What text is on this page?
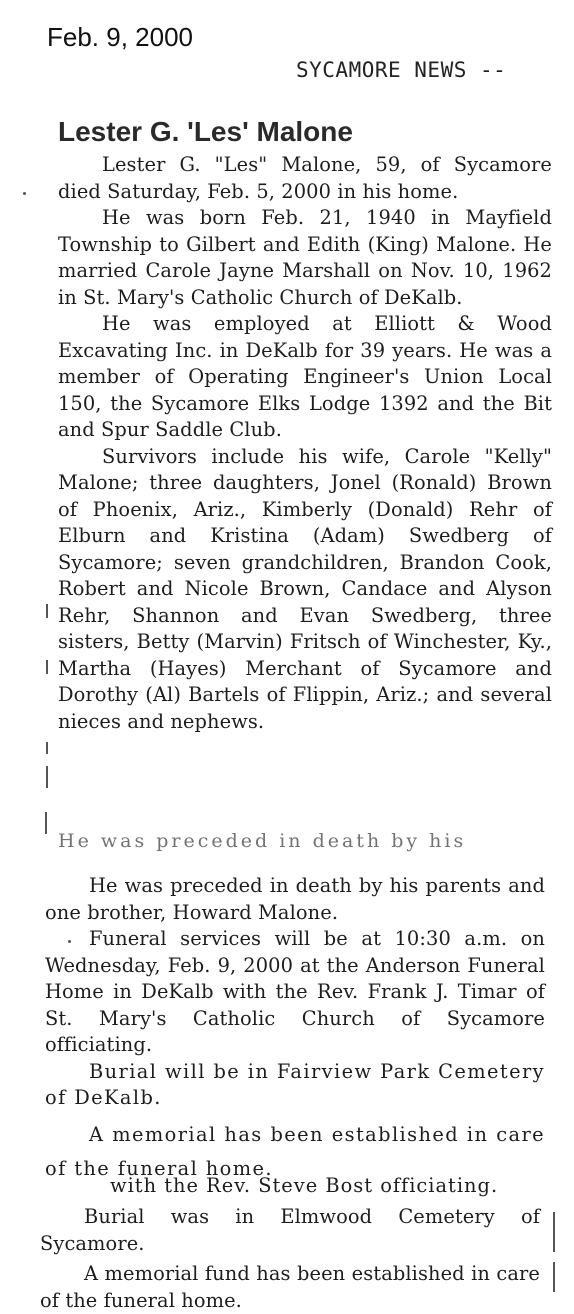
Feb. 9, 2000
SYCAMORE NEWS --
Lester G. 'Les' Malone

Lester G. "Les" Malone, 59, of Sycamore died Saturday, Feb. 5, 2000 in his home.

He was born Feb. 21, 1940 in Mayfield Township to Gilbert and Edith (King) Malone. He married Carole Jayne Marshall on Nov. 10, 1962 in St. Mary's Catholic Church of DeKalb.

He was employed at Elliott & Wood Excavating Inc. in DeKalb for 39 years. He was a member of Operating Engineer's Union Local 150, the Sycamore Elks Lodge 1392 and the Bit and Spur Saddle Club.

Survivors include his wife, Carole "Kelly" Malone; three daughters, Jonel (Ronald) Brown of Phoenix, Ariz., Kimberly (Donald) Rehr of Elburn and Kristina (Adam) Swedberg of Sycamore; seven grandchildren, Brandon Cook, Robert and Nicole Brown, Candace and Alyson Rehr, Shannon and Evan Swedberg, three sisters, Betty (Marvin) Fritsch of Winchester, Ky., Martha (Hayes) Merchant of Sycamore and Dorothy (Al) Bartels of Flippin, Ariz.; and several nieces and nephews.

He was preceded in death by his

He was preceded in death by his parents and one brother, Howard Malone.

Funeral services will be at 10:30 a.m. on Wednesday, Feb. 9, 2000 at the Anderson Funeral Home in DeKalb with the Rev. Frank J. Timar of St. Mary's Catholic Church of Sycamore officiating.

Burial will be in Fairview Park Cemetery of DeKalb.

A memorial has been established in care of the funeral home.

with the Rev. Steve Bost officiating.

Burial was in Elmwood Cemetery of Sycamore.

A memorial fund has been established in care of the funeral home.
